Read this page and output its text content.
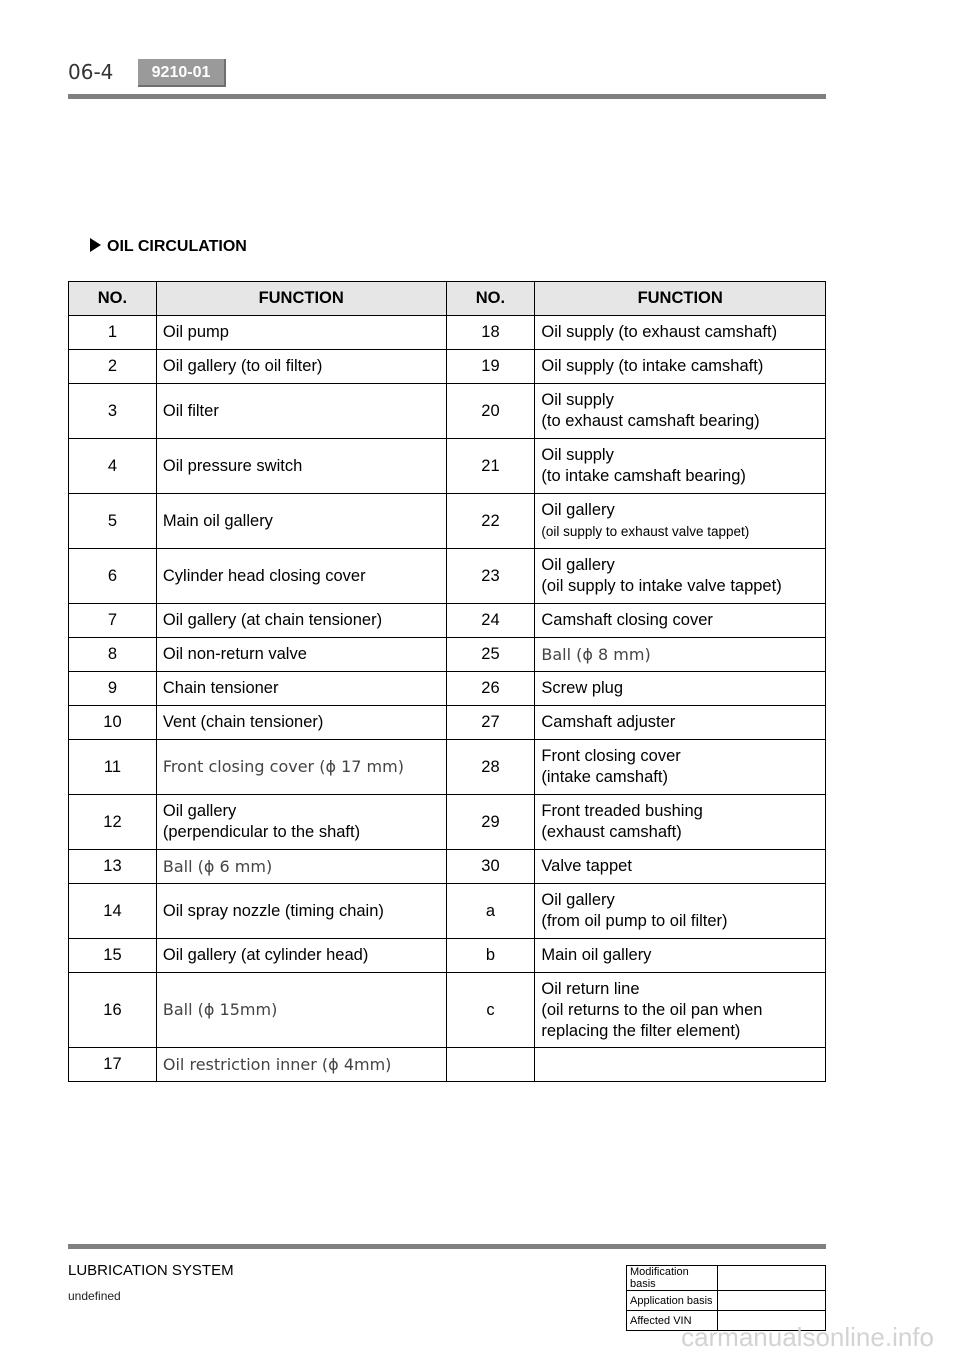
06-4	9210-01
OIL CIRCULATION
NO.	FUNCTION	NO.	FUNCTION
1	Oil pump	18	Oil supply (to exhaust camshaft)
2	Oil gallery (to oil filter)	19	Oil supply (to intake camshaft)
3	Oil filter	20	Oil supply
(to exhaust camshaft bearing)
4	Oil pressure switch	21	Oil supply
(to intake camshaft bearing)
5	Main oil gallery	22	Oil gallery
(oil supply to exhaust valve tappet)
6	Cylinder head closing cover	23	Oil gallery
(oil supply to intake valve tappet)
7	Oil gallery (at chain tensioner)	24	Camshaft closing cover
8	Oil non-return valve	25	Ball (ϕ 8 mm)
9	Chain tensioner	26	Screw plug
10	Vent (chain tensioner)	27	Camshaft adjuster
11	Front closing cover (ϕ 17 mm)	28	Front closing cover
(intake camshaft)
12	Oil gallery
(perpendicular to the shaft)	29	Front treaded bushing
(exhaust camshaft)
13	Ball (ϕ 6 mm)	30	Valve tappet
14	Oil spray nozzle (timing chain)	a	Oil gallery
(from oil pump to oil filter)
15	Oil gallery (at cylinder head)	b	Main oil gallery
16	Ball (ϕ 15mm)	c	Oil return line
(oil returns to the oil pan when
replacing the filter element)
17	Oil restriction inner (ϕ 4mm)		
LUBRICATION SYSTEM
undefined
Modification basis	
Application basis	
Affected VIN	
carmanualsonline.info
